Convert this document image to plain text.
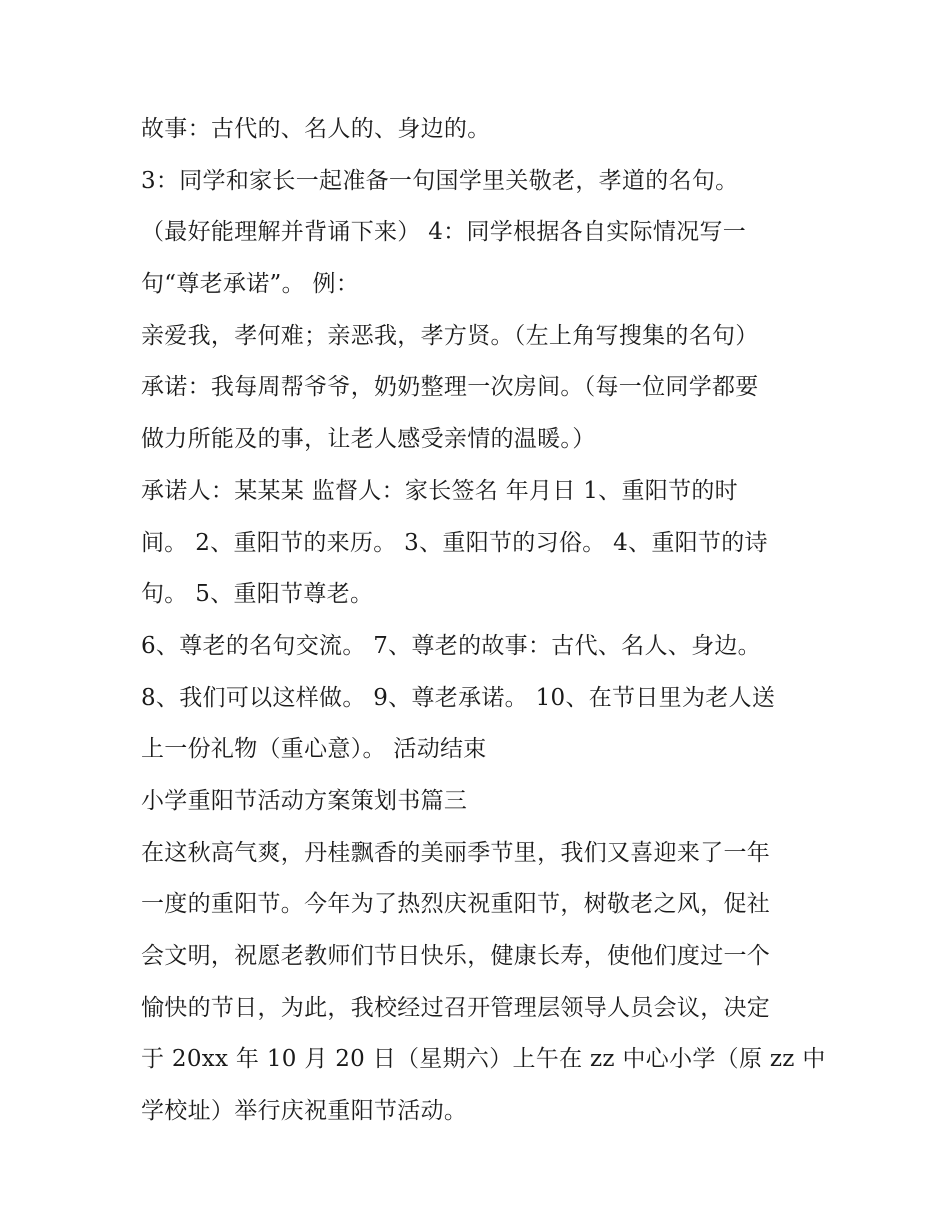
故事：古代的、名人的、身边的。
3：同学和家长一起准备一句国学里关敬老，孝道的名句。
（最好能理解并背诵下来） 4：同学根据各自实际情况写一
句“尊老承诺”。 例：
亲爱我，孝何难；亲恶我，孝方贤。（左上角写搜集的名句）
承诺：我每周帮爷爷，奶奶整理一次房间。（每一位同学都要
做力所能及的事，让老人感受亲情的温暖。）
承诺人：某某某 监督人：家长签名 年月日 1、重阳节的时
间。 2、重阳节的来历。 3、重阳节的习俗。 4、重阳节的诗
句。 5、重阳节尊老。
6、尊老的名句交流。 7、尊老的故事：古代、名人、身边。
8、我们可以这样做。 9、尊老承诺。 10、在节日里为老人送
上一份礼物（重心意）。 活动结束
小学重阳节活动方案策划书篇三
在这秋高气爽，丹桂飘香的美丽季节里，我们又喜迎来了一年
一度的重阳节。今年为了热烈庆祝重阳节，树敬老之风，促社
会文明，祝愿老教师们节日快乐，健康长寿，使他们度过一个
愉快的节日，为此，我校经过召开管理层领导人员会议，决定
于 20xx 年 10 月 20 日（星期六）上午在 zz 中心小学（原 zz 中
学校址）举行庆祝重阳节活动。
